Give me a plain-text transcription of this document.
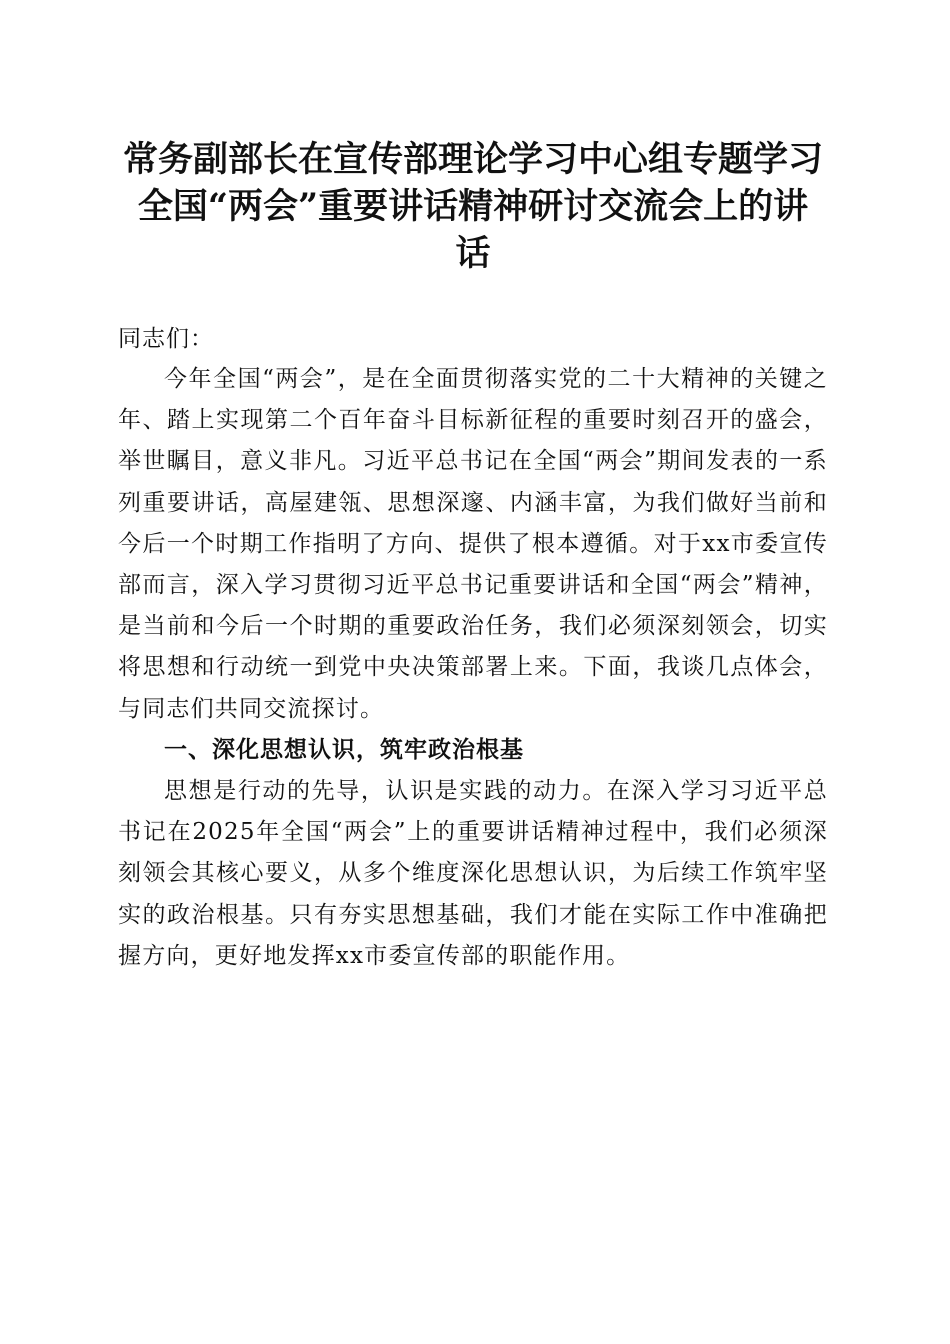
常务副部长在宣传部理论学习中心组专题学习
全国“两会”重要讲话精神研讨交流会上的讲
话
同志们：

今年全国“两会”，是在全面贯彻落实党的二十大精神的关键之年、踏上实现第二个百年奋斗目标新征程的重要时刻召开的盛会，举世瞩目，意义非凡。习近平总书记在全国“两会”期间发表的一系列重要讲话，高屋建瓴、思想深邃、内涵丰富，为我们做好当前和今后一个时期工作指明了方向、提供了根本遵循。对于xx市委宣传部而言，深入学习贯彻习近平总书记重要讲话和全国“两会”精神，是当前和今后一个时期的重要政治任务，我们必须深刻领会，切实将思想和行动统一到党中央决策部署上来。下面，我谈几点体会，与同志们共同交流探讨。

一、深化思想认识，筑牢政治根基

思想是行动的先导，认识是实践的动力。在深入学习习近平总书记在2025年全国“两会”上的重要讲话精神过程中，我们必须深刻领会其核心要义，从多个维度深化思想认识，为后续工作筑牢坚实的政治根基。只有夯实思想基础，我们才能在实际工作中准确把握方向，更好地发挥xx市委宣传部的职能作用。
